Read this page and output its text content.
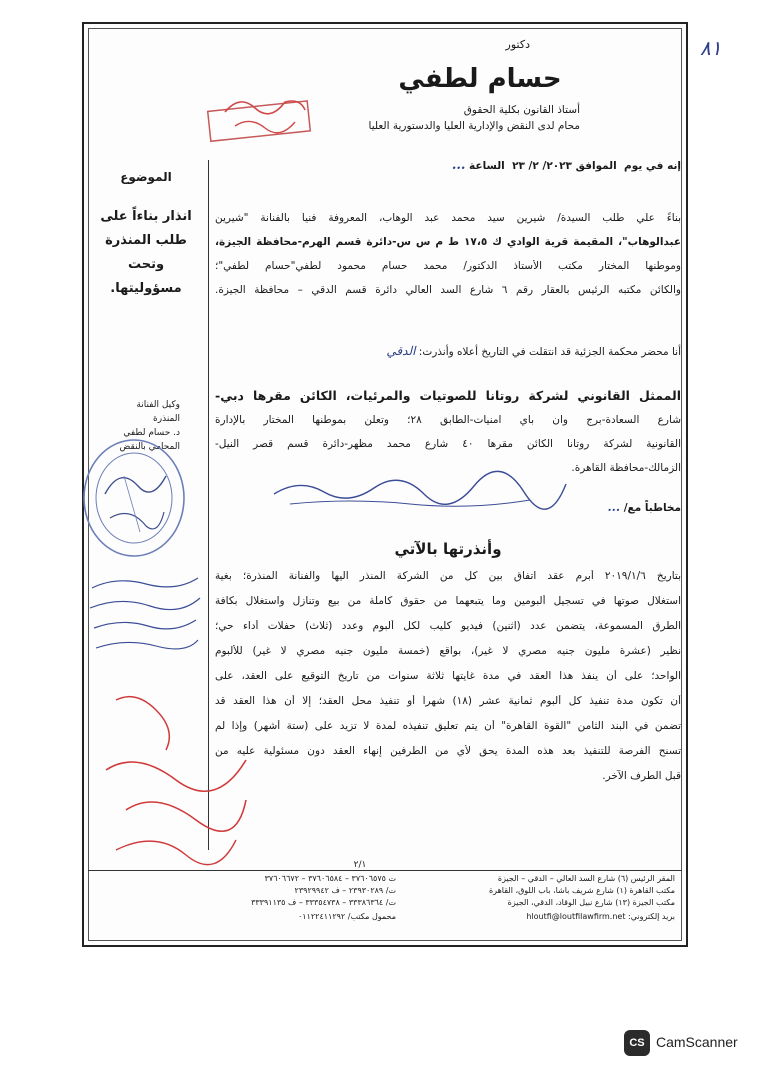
دكتور
حسام لطفي
أستاذ القانون بكلية الحقوق
محام لدى النقض والإدارية العليا والدستورية العليا
٨١
إنه في يوم  الموافق ٢٠٢٣/ ٢/ ٢٣  الساعة ...
الموضوع
انذار بناءاً على
طلب المنذرة
وتحت
مسؤوليتها.
وكيل الفنانة المنذرة
د. حسام لطفي
المحامي بالنقض
بناءً علي طلب السيدة/ شيرين سيد محمد عبد الوهاب، المعروفة فنياً بالفنانة "شيرين
عبدالوهاب"، المقيمة قرية الوادي ك ١٧،٥ ط م س س-دائرة قسم الهرم-محافظة الجيزة،
وموطنها المختار مكتب الأستاذ الدكتور/ محمد حسام محمود لطفي"حسام لطفي"؛
والكائن مكتبه الرئيس بالعقار رقم ٦ شارع السد العالي دائرة قسم الدقي – محافظة الجيزة.
أنا محضر محكمة الجزئية قد انتقلت في التاريخ أعلاه وأنذرت: الدقي
الممثل القانوني لشركة روتانا للصوتيات والمرئيات، الكائن مقرها دبي-
شارع السعادة-برج وان باي امنيات-الطابق ٢٨؛ وتعلن بموطنها المختار بالإدارة
القانونية لشركة روتانا الكائن مقرها ٤٠ شارع محمد مظهر-دائرة قسم قصر النيل-
الزمالك-محافظة القاهرة.
مخاطباً مع/ ...
وأنذرتها بالآتي
بتاريخ ٢٠١٩/١/٦ أبرم عقد اتفاق بين كل من الشركة المنذر اليها والفنانة المنذرة؛ بغية
استغلال صوتها في تسجيل ألبومين وما يتبعهما من حقوق كاملة من بيع وتنازل واستغلال بكافة
الطرق المسموعة، يتضمن عدد (اثنين) فيديو كليب لكل ألبوم وعدد (ثلاث) حفلات أداء حي؛
نظير (عشرة مليون جنيه مصري لا غير)، بواقع (خمسة مليون جنيه مصري لا غير) للألبوم
الواحد؛ على أن ينفذ هذا العقد في مدة غايتها ثلاثة سنوات من تاريخ التوقيع على العقد، على
أن تكون مدة تنفيذ كل ألبوم ثمانية عشر (١٨) شهراً أو تنفيذ محل العقد؛ إلا أن هذا العقد قد
تضمن في البند الثامن "القوة القاهرة" أن يتم تعليق تنفيذه لمدة لا تزيد على (ستة أشهر) وإذا لم
تسنح الفرصة للتنفيذ بعد هذه المدة يحق لأي من الطرفين إنهاء العقد دون مسئولية عليه من
قبل الطرف الآخر.
٢/١
المقر الرئيس (٦) شارع السد العالي – الدقي – الجيزة
مكتب القاهرة (١) شارع شريف باشا، باب اللوق، القاهرة
مكتب الجيزة (١٣) شارع نبيل الوقاد، الدقي، الجيزة
بريد إلكتروني: hloutfi@loutfilawfirm.net
ت ٣٧٦٠٦٥٧٥ – ٣٧٦٠٦٥٨٤ – ٣٧٦٠٦٦٧٢
ت/ ٢٣٩٣٠٢٨٩ – ف ٢٣٩٢٩٩٤٢
ت/ ٣٣٣٨٦٣٦٤ – ٣٣٣٥٤٧٣٨ – ف ٣٣٣٩١١٣٥
محمول مكتب/ ٠١١٢٢٤١١٢٩٢
CS CamScanner
